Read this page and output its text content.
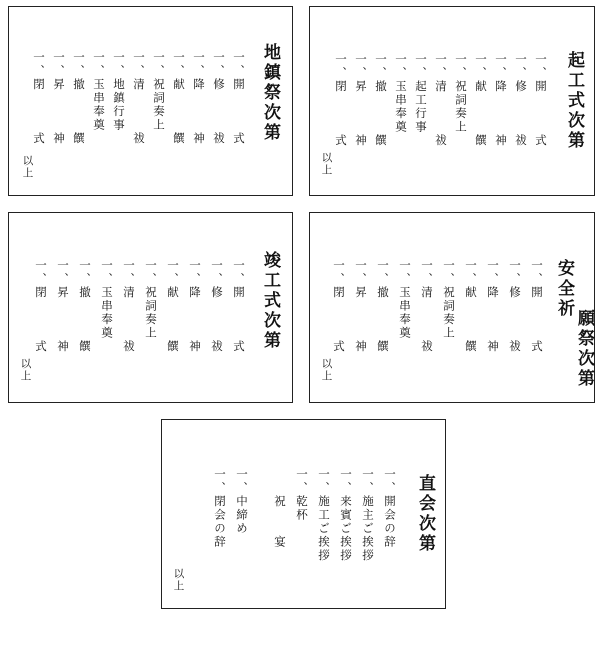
地鎮祭次第
一、開　　　式
一、修　　　祓
一、降　　　神
一、献　　　饌
一、祝詞奏上
一、清　　　祓
一、地鎮行事
一、玉串奉奠
一、撤　　　饌
一、昇　　　神
一、閉　　　式
以
上
起工式次第
一、開　　　式
一、修　　　祓
一、降　　　神
一、献　　　饌
一、祝詞奏上
一、清　　　祓
一、起工行事
一、玉串奉奠
一、撤　　　饌
一、昇　　　神
一、閉　　　式
以
上
竣工式次第
一、開　　　式
一、修　　　祓
一、降　　　神
一、献　　　饌
一、祝詞奏上
一、清　　　祓
一、玉串奉奠
一、撤　　　饌
一、昇　　　神
一、閉　　　式
以
上
安全祈
願祭次第
一、開　　　式
一、修　　　祓
一、降　　　神
一、献　　　饌
一、祝詞奏上
一、清　　　祓
一、玉串奉奠
一、撤　　　饌
一、昇　　　神
一、閉　　　式
以
上
直会次第
一、開会の辞
一、施主ご挨拶
一、来賓ご挨拶
一、施工ご挨拶
一、乾杯
　　祝　　宴
一、中締め
一、閉会の辞
以
上
